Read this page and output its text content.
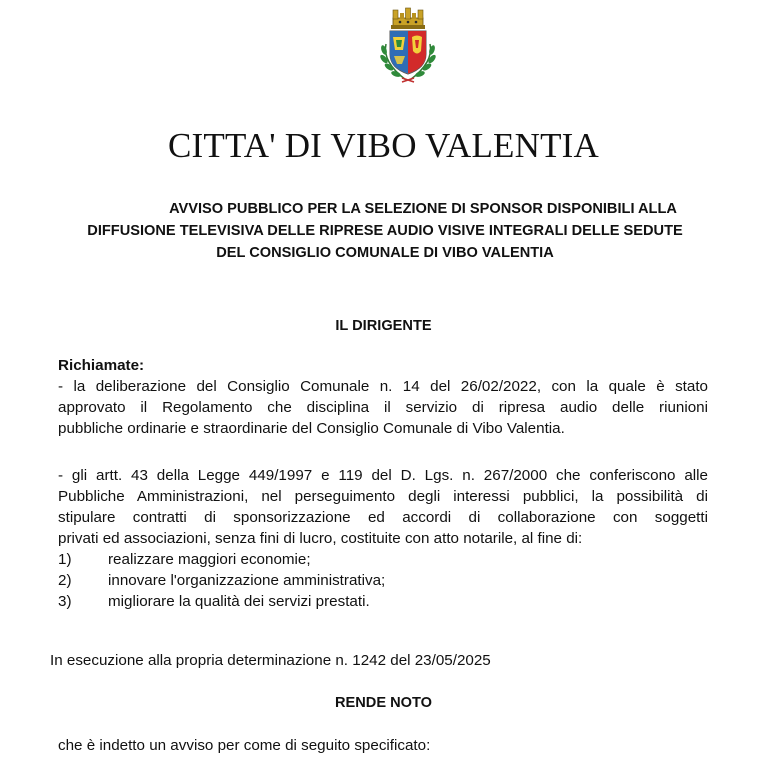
CITTA' DI VIBO VALENTIA
AVVISO PUBBLICO PER LA SELEZIONE DI SPONSOR DISPONIBILI ALLA
DIFFUSIONE TELEVISIVA DELLE RIPRESE AUDIO VISIVE INTEGRALI DELLE SEDUTE
DEL CONSIGLIO COMUNALE DI VIBO VALENTIA
IL DIRIGENTE
Richiamate:
- la deliberazione del Consiglio Comunale n. 14 del 26/02/2022, con la quale è stato
approvato il Regolamento che disciplina il servizio di ripresa audio delle riunioni
pubbliche ordinarie e straordinarie del Consiglio Comunale di Vibo Valentia.
- gli artt. 43 della Legge 449/1997 e 119 del D. Lgs. n. 267/2000 che conferiscono alle
Pubbliche Amministrazioni, nel perseguimento degli interessi pubblici, la possibilità di
stipulare contratti di sponsorizzazione ed accordi di collaborazione con soggetti
privati ed associazioni, senza fini di lucro, costituite con atto notarile, al fine di:
1) realizzare maggiori economie;
2) innovare l'organizzazione amministrativa;
3) migliorare la qualità dei servizi prestati.
In esecuzione alla propria determinazione n. 1242 del 23/05/2025
RENDE NOTO
che è indetto un avviso per come di seguito specificato:
